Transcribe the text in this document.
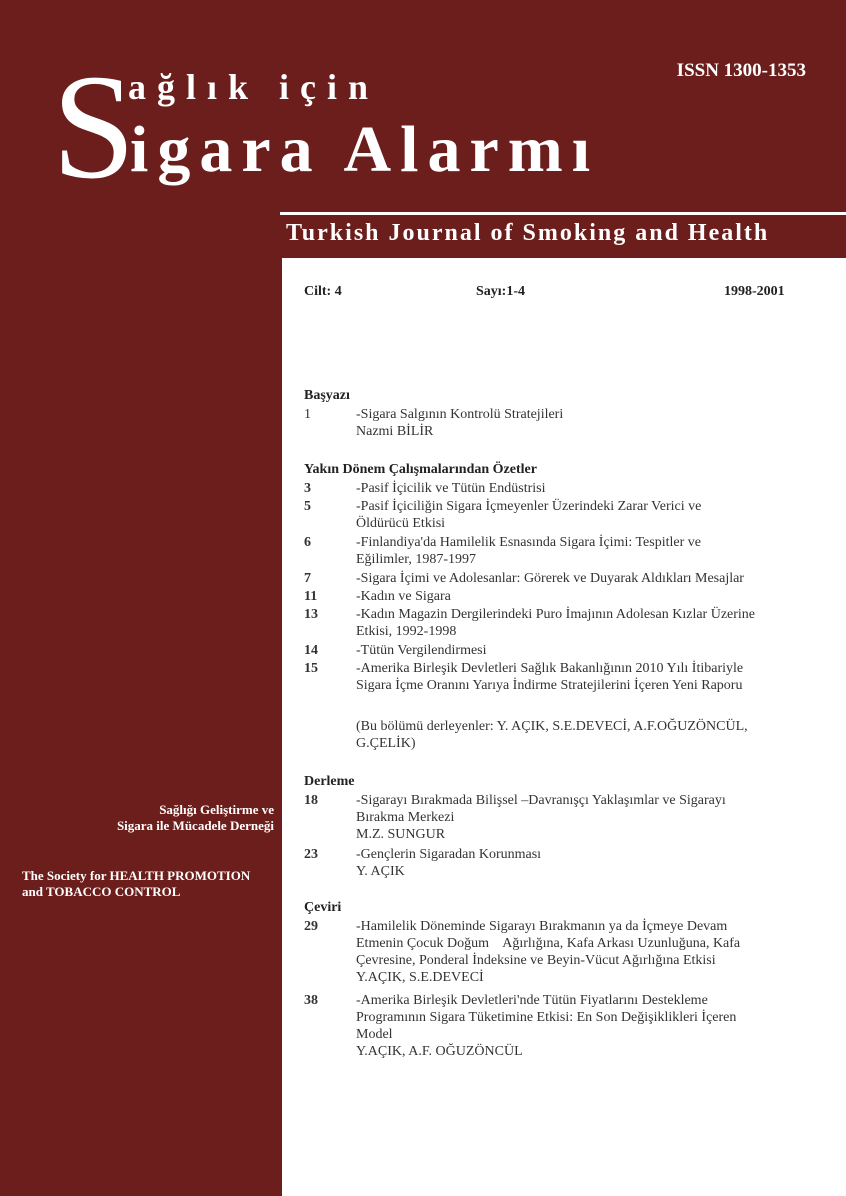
S
ağlık için
igara Alarmı
ISSN 1300-1353
Turkish Journal of Smoking and Health
Sağlığı Geliştirme ve
Sigara ile Mücadele Derneği
The Society for HEALTH PROMOTION
and TOBACCO CONTROL
Cilt: 4	Sayı:1-4	1998-2001
Başyazı
1	-Sigara Salgının Kontrolü Stratejileri
Nazmi BİLİR
Yakın Dönem Çalışmalarından Özetler
3	-Pasif İçicilik ve Tütün Endüstrisi
5	-Pasif İçiciliğin Sigara İçmeyenler Üzerindeki Zarar Verici ve
Öldürücü Etkisi
6	-Finlandiya'da Hamilelik Esnasında Sigara İçimi: Tespitler ve
Eğilimler, 1987-1997
7	-Sigara İçimi ve Adolesanlar: Görerek ve Duyarak Aldıkları Mesajlar
11	-Kadın ve Sigara
13	-Kadın Magazin Dergilerindeki Puro İmajının Adolesan Kızlar Üzerine
Etkisi, 1992-1998
14	-Tütün Vergilendirmesi
15	-Amerika Birleşik Devletleri Sağlık Bakanlığının 2010 Yılı İtibariyle
Sigara İçme Oranını Yarıya İndirme Stratejilerini İçeren Yeni Raporu
(Bu bölümü derleyenler: Y. AÇIK, S.E.DEVECİ, A.F.OĞUZÖNCÜL,
G.ÇELİK)
Derleme
18	-Sigarayı Bırakmada Bilişsel –Davranışçı Yaklaşımlar ve Sigarayı
Bırakma Merkezi
M.Z. SUNGUR
23	-Gençlerin Sigaradan Korunması
Y. AÇIK
Çeviri
29	-Hamilelik Döneminde Sigarayı Bırakmanın ya da İçmeye Devam
Etmenin Çocuk Doğum    Ağırlığına, Kafa Arkası Uzunluğuna, Kafa
Çevresine, Ponderal İndeksine ve Beyin-Vücut Ağırlığına Etkisi
Y.AÇIK, S.E.DEVECİ
38	-Amerika Birleşik Devletleri'nde Tütün Fiyatlarını Destekleme
Programının Sigara Tüketimine Etkisi: En Son Değişiklikleri İçeren
Model
Y.AÇIK, A.F. OĞUZÖNCÜL
